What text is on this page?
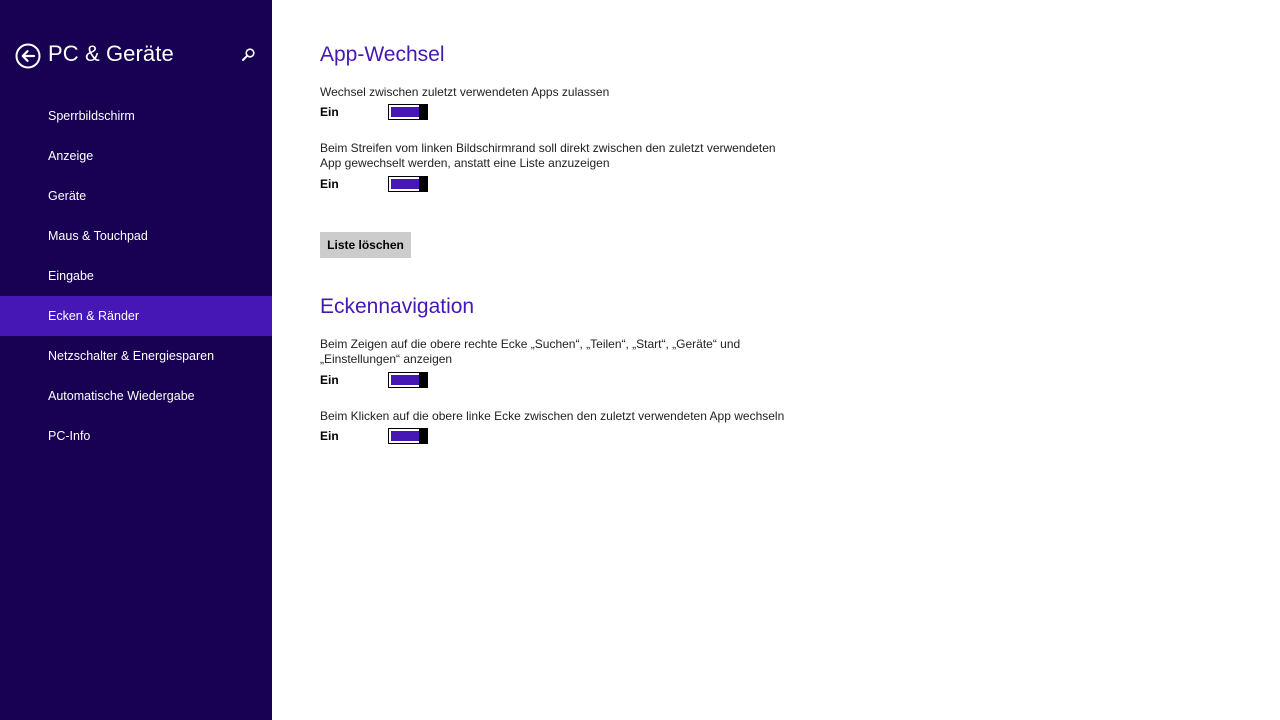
PC & Geräte
Sperrbildschirm
Anzeige
Geräte
Maus & Touchpad
Eingabe
Ecken & Ränder
Netzschalter & Energiesparen
Automatische Wiedergabe
PC-Info
App-Wechsel
Wechsel zwischen zuletzt verwendeten Apps zulassen
Ein
Beim Streifen vom linken Bildschirmrand soll direkt zwischen den zuletzt verwendeten App gewechselt werden, anstatt eine Liste anzuzeigen
Ein
Liste löschen
Eckennavigation
Beim Zeigen auf die obere rechte Ecke „Suchen“, „Teilen“, „Start“, „Geräte“ und „Einstellungen“ anzeigen
Ein
Beim Klicken auf die obere linke Ecke zwischen den zuletzt verwendeten App wechseln
Ein
